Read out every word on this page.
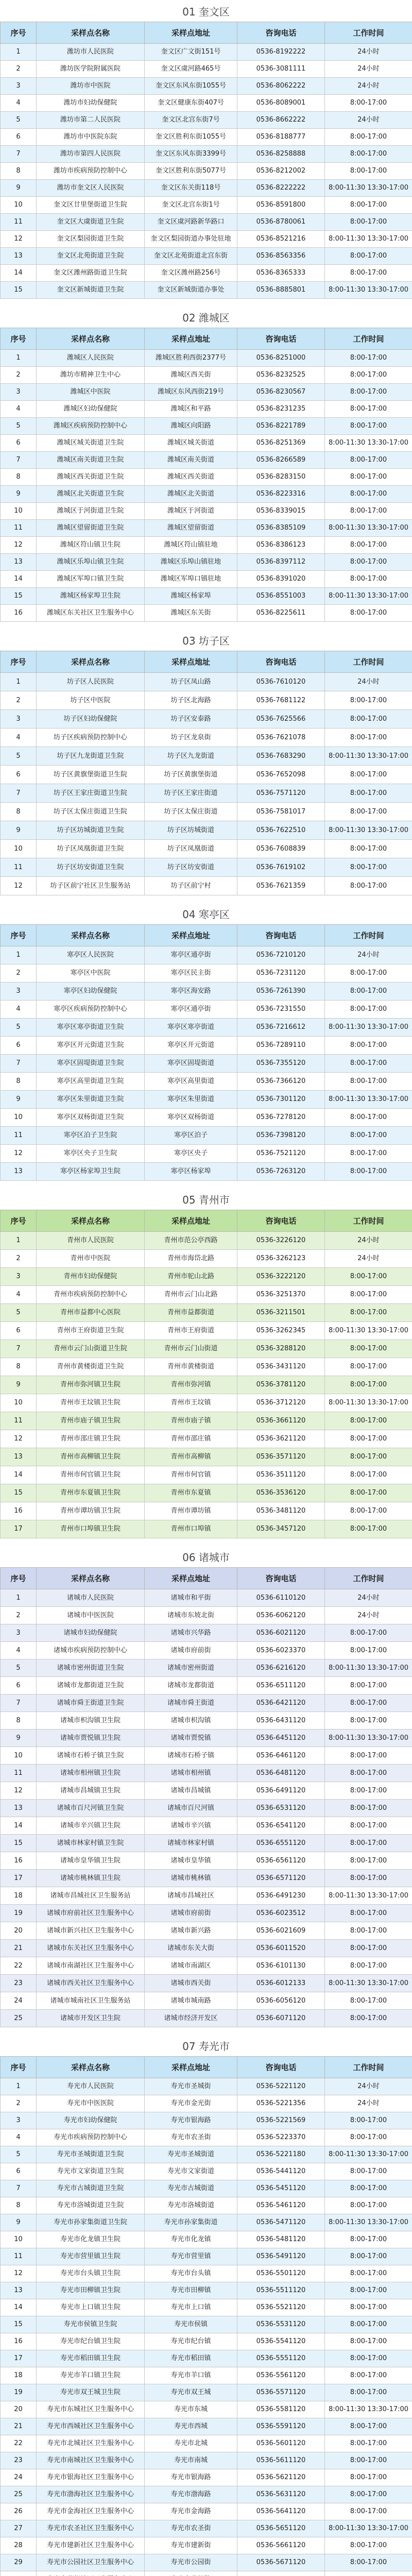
01 奎文区
序号	采样点名称	采样点地址	咨询电话	工作时间
1	潍坊市人民医院	奎文区广文街151号	0536-8192222	24小时
2	潍坊医学院附属医院	奎文区虞河路465号	0536-3081111	24小时
3	潍坊市中医院	奎文区东风东街1055号	0536-8062222	24小时
4	潍坊市妇幼保健院	奎文区健康东街407号	0536-8089001	8:00-17:00
5	潍坊市第二人民医院	奎文区北宫东街7号	0536-8662222	24小时
6	潍坊市中医院东院	奎文区胜利东街1055号	0536-8188777	8:00-17:00
7	潍坊市第四人民医院	奎文区东风东街3399号	0536-8258888	8:00-17:00
8	潍坊市疾病预防控制中心	奎文区胜利东街5077号	0536-8212002	8:00-17:00
9	潍坊市奎文区人民医院	奎文区东关街118号	0536-8222222	8:00-11:30 13:30-17:00
10	奎文区廿里堡街道卫生院	奎文区北宫东街1号	0536-8591800	8:00-17:00
11	奎文区大虞街道卫生院	奎文区虞河路新华路口	0536-8780061	8:00-17:00
12	奎文区梨园街道卫生院	奎文区梨园街道办事处驻地	0536-8521216	8:00-11:30 13:30-17:00
13	奎文区北苑街道卫生院	奎文区北苑街道北宫东街	0536-8563356	8:00-17:00
14	奎文区潍州路街道卫生院	奎文区潍州路256号	0536-8365333	8:00-17:00
15	奎文区新城街道卫生院	奎文区新城街道办事处	0536-8885801	8:00-11:30 13:30-17:00
02 潍城区
序号	采样点名称	采样点地址	咨询电话	工作时间
1	潍城区人民医院	潍城区胜利西街2377号	0536-8251000	8:00-17:00
2	潍坊市精神卫生中心	潍城区西关街	0536-8232525	8:00-17:00
3	潍城区中医院	潍城区东风西街219号	0536-8230567	8:00-17:00
4	潍城区妇幼保健院	潍城区和平路	0536-8231235	8:00-17:00
5	潍城区疾病预防控制中心	潍城区向阳路	0536-8221789	8:00-17:00
6	潍城区城关街道卫生院	潍城区城关街道	0536-8251369	8:00-11:30 13:30-17:00
7	潍城区南关街道卫生院	潍城区南关街道	0536-8266589	8:00-17:00
8	潍城区西关街道卫生院	潍城区西关街道	0536-8283150	8:00-17:00
9	潍城区北关街道卫生院	潍城区北关街道	0536-8223316	8:00-17:00
10	潍城区于河街道卫生院	潍城区于河街道	0536-8339015	8:00-17:00
11	潍城区望留街道卫生院	潍城区望留街道	0536-8385109	8:00-11:30 13:30-17:00
12	潍城区符山镇卫生院	潍城区符山镇驻地	0536-8386123	8:00-17:00
13	潍城区乐埠山镇卫生院	潍城区乐埠山镇驻地	0536-8397112	8:00-17:00
14	潍城区军埠口镇卫生院	潍城区军埠口镇驻地	0536-8391020	8:00-17:00
15	潍城区杨家埠卫生院	潍城区杨家埠	0536-8551003	8:00-11:30 13:30-17:00
16	潍城区东关社区卫生服务中心	潍城区东关街	0536-8225611	8:00-17:00
03 坊子区
序号	采样点名称	采样点地址	咨询电话	工作时间
1	坊子区人民医院	坊子区凤山路	0536-7610120	24小时
2	坊子区中医院	坊子区北海路	0536-7681122	8:00-17:00
3	坊子区妇幼保健院	坊子区安泰路	0536-7625566	8:00-17:00
4	坊子区疾病预防控制中心	坊子区龙泉街	0536-7621078	8:00-17:00
5	坊子区九龙街道卫生院	坊子区九龙街道	0536-7683290	8:00-11:30 13:30-17:00
6	坊子区黄旗堡街道卫生院	坊子区黄旗堡街道	0536-7652098	8:00-17:00
7	坊子区王家庄街道卫生院	坊子区王家庄街道	0536-7571120	8:00-17:00
8	坊子区太保庄街道卫生院	坊子区太保庄街道	0536-7581017	8:00-17:00
9	坊子区坊城街道卫生院	坊子区坊城街道	0536-7622510	8:00-11:30 13:30-17:00
10	坊子区凤凰街道卫生院	坊子区凤凰街道	0536-7608839	8:00-17:00
11	坊子区坊安街道卫生院	坊子区坊安街道	0536-7619102	8:00-17:00
12	坊子区前宁社区卫生服务站	坊子区前宁村	0536-7621359	8:00-17:00
04 寒亭区
序号	采样点名称	采样点地址	咨询电话	工作时间
1	寒亭区人民医院	寒亭区通亭街	0536-7210120	24小时
2	寒亭区中医院	寒亭区民主街	0536-7231120	8:00-17:00
3	寒亭区妇幼保健院	寒亭区海安路	0536-7261390	8:00-17:00
4	寒亭区疾病预防控制中心	寒亭区通亭街	0536-7231550	8:00-17:00
5	寒亭区寒亭街道卫生院	寒亭区寒亭街道	0536-7216612	8:00-11:30 13:30-17:00
6	寒亭区开元街道卫生院	寒亭区开元街道	0536-7289110	8:00-17:00
7	寒亭区固堤街道卫生院	寒亭区固堤街道	0536-7355120	8:00-17:00
8	寒亭区高里街道卫生院	寒亭区高里街道	0536-7366120	8:00-17:00
9	寒亭区朱里街道卫生院	寒亭区朱里街道	0536-7301120	8:00-11:30 13:30-17:00
10	寒亭区双杨街道卫生院	寒亭区双杨街道	0536-7278120	8:00-17:00
11	寒亭区泊子卫生院	寒亭区泊子	0536-7398120	8:00-17:00
12	寒亭区央子卫生院	寒亭区央子	0536-7521120	8:00-17:00
13	寒亭区杨家埠卫生院	寒亭区杨家埠	0536-7263120	8:00-17:00
05 青州市
序号	采样点名称	采样点地址	咨询电话	工作时间
1	青州市人民医院	青州市范公亭西路	0536-3226120	24小时
2	青州市中医院	青州市海岱北路	0536-3262123	24小时
3	青州市妇幼保健院	青州市驼山北路	0536-3222120	8:00-17:00
4	青州市疾病预防控制中心	青州市云门山北路	0536-3251370	8:00-17:00
5	青州市益都中心医院	青州市益都街道	0536-3211501	8:00-17:00
6	青州市王府街道卫生院	青州市王府街道	0536-3262345	8:00-11:30 13:30-17:00
7	青州市云门山街道卫生院	青州市云门山街道	0536-3288120	8:00-17:00
8	青州市黄楼街道卫生院	青州市黄楼街道	0536-3431120	8:00-17:00
9	青州市弥河镇卫生院	青州市弥河镇	0536-3781120	8:00-17:00
10	青州市王坟镇卫生院	青州市王坟镇	0536-3712120	8:00-11:30 13:30-17:00
11	青州市庙子镇卫生院	青州市庙子镇	0536-3661120	8:00-17:00
12	青州市邵庄镇卫生院	青州市邵庄镇	0536-3621120	8:00-17:00
13	青州市高柳镇卫生院	青州市高柳镇	0536-3571120	8:00-17:00
14	青州市何官镇卫生院	青州市何官镇	0536-3511120	8:00-17:00
15	青州市东夏镇卫生院	青州市东夏镇	0536-3536120	8:00-17:00
16	青州市谭坊镇卫生院	青州市谭坊镇	0536-3481120	8:00-17:00
17	青州市口埠镇卫生院	青州市口埠镇	0536-3457120	8:00-17:00
06 诸城市
序号	采样点名称	采样点地址	咨询电话	工作时间
1	诸城市人民医院	诸城市和平街	0536-6110120	24小时
2	诸城市中医医院	诸城市东坡北街	0536-6062120	24小时
3	诸城市妇幼保健院	诸城市兴华路	0536-6021120	8:00-17:00
4	诸城市疾病预防控制中心	诸城市府前街	0536-6023370	8:00-17:00
5	诸城市密州街道卫生院	诸城市密州街道	0536-6216120	8:00-11:30 13:30-17:00
6	诸城市龙都街道卫生院	诸城市龙都街道	0536-6511120	8:00-17:00
7	诸城市舜王街道卫生院	诸城市舜王街道	0536-6421120	8:00-17:00
8	诸城市枳沟镇卫生院	诸城市枳沟镇	0536-6431120	8:00-17:00
9	诸城市贾悦镇卫生院	诸城市贾悦镇	0536-6451120	8:00-11:30 13:30-17:00
10	诸城市石桥子镇卫生院	诸城市石桥子镇	0536-6461120	8:00-17:00
11	诸城市相州镇卫生院	诸城市相州镇	0536-6481120	8:00-17:00
12	诸城市昌城镇卫生院	诸城市昌城镇	0536-6491120	8:00-17:00
13	诸城市百尺河镇卫生院	诸城市百尺河镇	0536-6531120	8:00-17:00
14	诸城市辛兴镇卫生院	诸城市辛兴镇	0536-6541120	8:00-17:00
15	诸城市林家村镇卫生院	诸城市林家村镇	0536-6551120	8:00-17:00
16	诸城市皇华镇卫生院	诸城市皇华镇	0536-6561120	8:00-17:00
17	诸城市桃林镇卫生院	诸城市桃林镇	0536-6571120	8:00-17:00
18	诸城市昌城社区卫生服务站	诸城市昌城社区	0536-6491230	8:00-11:30 13:30-17:00
19	诸城市府前社区卫生服务中心	诸城市府前街	0536-6023512	8:00-17:00
20	诸城市新兴社区卫生服务中心	诸城市新兴路	0536-6021609	8:00-17:00
21	诸城市东关社区卫生服务中心	诸城市东关大街	0536-6011520	8:00-17:00
22	诸城市南湖社区卫生服务中心	诸城市南湖区	0536-6101130	8:00-17:00
23	诸城市西关社区卫生服务中心	诸城市西关街	0536-6012133	8:00-11:30 13:30-17:00
24	诸城市城南社区卫生服务站	诸城市城南路	0536-6056120	8:00-17:00
25	诸城市开发区卫生院	诸城市经济开发区	0536-6071120	8:00-17:00
07 寿光市
序号	采样点名称	采样点地址	咨询电话	工作时间
1	寿光市人民医院	寿光市圣城街	0536-5221120	24小时
2	寿光市中医医院	寿光市金光街	0536-5221356	24小时
3	寿光市妇幼保健院	寿光市银海路	0536-5221569	8:00-17:00
4	寿光市疾病预防控制中心	寿光市农圣街	0536-5223370	8:00-17:00
5	寿光市圣城街道卫生院	寿光市圣城街道	0536-5221180	8:00-11:30 13:30-17:00
6	寿光市文家街道卫生院	寿光市文家街道	0536-5441120	8:00-17:00
7	寿光市古城街道卫生院	寿光市古城街道	0536-5451120	8:00-17:00
8	寿光市洛城街道卫生院	寿光市洛城街道	0536-5461120	8:00-17:00
9	寿光市孙家集街道卫生院	寿光市孙家集街道	0536-5471120	8:00-11:30 13:30-17:00
10	寿光市化龙镇卫生院	寿光市化龙镇	0536-5481120	8:00-17:00
11	寿光市营里镇卫生院	寿光市营里镇	0536-5491120	8:00-17:00
12	寿光市台头镇卫生院	寿光市台头镇	0536-5501120	8:00-17:00
13	寿光市田柳镇卫生院	寿光市田柳镇	0536-5511120	8:00-17:00
14	寿光市上口镇卫生院	寿光市上口镇	0536-5521120	8:00-17:00
15	寿光市侯镇卫生院	寿光市侯镇	0536-5531120	8:00-17:00
16	寿光市纪台镇卫生院	寿光市纪台镇	0536-5541120	8:00-17:00
17	寿光市稻田镇卫生院	寿光市稻田镇	0536-5551120	8:00-17:00
18	寿光市羊口镇卫生院	寿光市羊口镇	0536-5561120	8:00-17:00
19	寿光市双王城卫生院	寿光市双王城	0536-5571120	8:00-17:00
20	寿光市东城社区卫生服务中心	寿光市东城	0536-5581120	8:00-11:30 13:30-17:00
21	寿光市西城社区卫生服务中心	寿光市西城	0536-5591120	8:00-17:00
22	寿光市北城社区卫生服务中心	寿光市北城	0536-5601120	8:00-17:00
23	寿光市南城社区卫生服务中心	寿光市南城	0536-5611120	8:00-17:00
24	寿光市银海社区卫生服务中心	寿光市银海路	0536-5621120	8:00-17:00
25	寿光市渤海社区卫生服务中心	寿光市渤海路	0536-5631120	8:00-17:00
26	寿光市金海社区卫生服务中心	寿光市金海路	0536-5641120	8:00-17:00
27	寿光市农圣社区卫生服务中心	寿光市农圣街	0536-5651120	8:00-11:30 13:30-17:00
28	寿光市建新社区卫生服务中心	寿光市建新街	0536-5661120	8:00-17:00
29	寿光市公园社区卫生服务中心	寿光市公园街	0536-5671120	8:00-17:00
